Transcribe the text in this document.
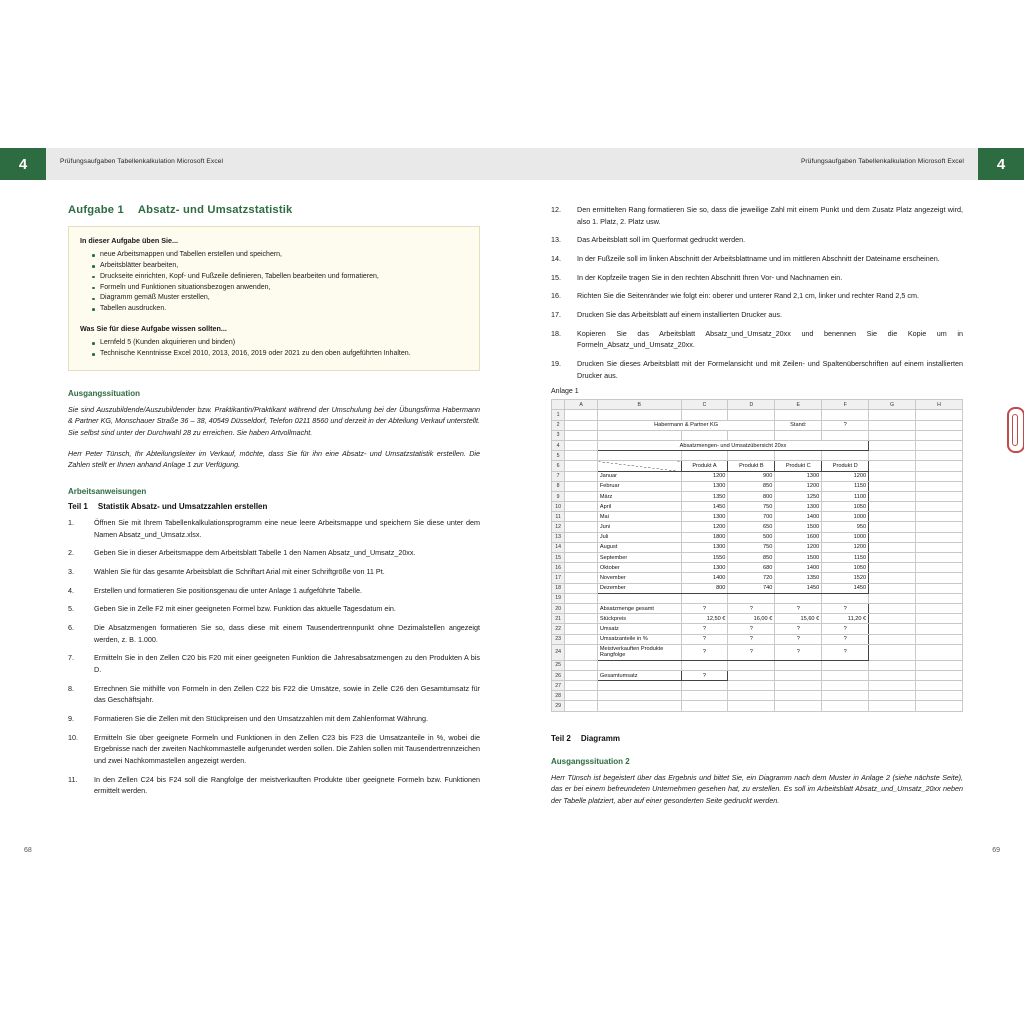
4	4
Prüfungsaufgaben Tabellenkalkulation Microsoft Excel	Prüfungsaufgaben Tabellenkalkulation Microsoft Excel
Aufgabe 1 Absatz- und Umsatzstatistik
In dieser Aufgabe üben Sie...
neue Arbeitsmappen und Tabellen erstellen und speichern,
Arbeitsblätter bearbeiten,
Druckseite einrichten, Kopf- und Fußzeile definieren, Tabellen bearbeiten und formatieren,
Formeln und Funktionen situationsbezogen anwenden,
Diagramm gemäß Muster erstellen,
Tabellen ausdrucken.
Was Sie für diese Aufgabe wissen sollten...
Lernfeld 5 (Kunden akquirieren und binden)
Technische Kenntnisse Excel 2010, 2013, 2016, 2019 oder 2021 zu den oben aufgeführten Inhalten.
Ausgangssituation

Sie sind Auszubildende/Auszubildender bzw. Praktikantin/Praktikant während der Umschulung bei der Übungsfirma Habermann & Partner KG, Monschauer Straße 36 – 38, 40549 Düsseldorf, Telefon 0211 8560 und derzeit in der Abteilung Verkauf unterstellt. Sie selbst sind unter der Durchwahl 28 zu erreichen. Sie haben Artvollmacht.

Herr Peter Tünsch, Ihr Abteilungsleiter im Verkauf, möchte, dass Sie für ihn eine Absatz- und Umsatzstatistik erstellen. Die Zahlen stellt er Ihnen anhand Anlage 1 zur Verfügung.

Arbeitsanweisungen
Teil 1 Statistik Absatz- und Umsatzzahlen erstellen
1.	Öffnen Sie mit Ihrem Tabellenkalkulationsprogramm eine neue leere Arbeitsmappe und speichern Sie diese unter dem Namen Absatz_und_Umsatz.xlsx.
2.	Geben Sie in dieser Arbeitsmappe dem Arbeitsblatt Tabelle 1 den Namen Absatz_und_Umsatz_20xx.
3.	Wählen Sie für das gesamte Arbeitsblatt die Schriftart Arial mit einer Schriftgröße von 11 Pt.
4.	Erstellen und formatieren Sie positionsgenau die unter Anlage 1 aufgeführte Tabelle.
5.	Geben Sie in Zelle F2 mit einer geeigneten Formel bzw. Funktion das aktuelle Tagesdatum ein.
6.	Die Absatzmengen formatieren Sie so, dass diese mit einem Tausendertrennpunkt ohne Dezimalstellen angezeigt werden, z. B. 1.000.
7.	Ermitteln Sie in den Zellen C20 bis F20 mit einer geeigneten Funktion die Jahresabsatzmengen zu den Produkten A bis D.
8.	Errechnen Sie mithilfe von Formeln in den Zellen C22 bis F22 die Umsätze, sowie in Zelle C26 den Gesamtumsatz für das Geschäftsjahr.
9.	Formatieren Sie die Zellen mit den Stückpreisen und den Umsatzzahlen mit dem Zahlenformat Währung.
10.	Ermitteln Sie über geeignete Formeln und Funktionen in den Zellen C23 bis F23 die Umsatzanteile in %, wobei die Ergebnisse nach der zweiten Nachkommastelle aufgerundet werden sollen. Die Zahlen sollen mit Tausendertrennzeichen und zwei Nachkommastellen angezeigt werden.
11.	In den Zellen C24 bis F24 soll die Rangfolge der meistverkauften Produkte über geeignete Formeln bzw. Funktionen ermittelt werden.
12.	Den ermittelten Rang formatieren Sie so, dass die jeweilige Zahl mit einem Punkt und dem Zusatz Platz angezeigt wird, also 1. Platz, 2. Platz usw.
13.	Das Arbeitsblatt soll im Querformat gedruckt werden.
14.	In der Fußzeile soll im linken Abschnitt der Arbeitsblattname und im mittleren Abschnitt der Dateiname erscheinen.
15.	In der Kopfzeile tragen Sie in den rechten Abschnitt Ihren Vor- und Nachnamen ein.
16.	Richten Sie die Seitenränder wie folgt ein: oberer und unterer Rand 2,1 cm, linker und rechter Rand 2,5 cm.
17.	Drucken Sie das Arbeitsblatt auf einem installierten Drucker aus.
18.	Kopieren Sie das Arbeitsblatt Absatz_und_Umsatz_20xx und benennen Sie die Kopie um in Formeln_Absatz_und_Umsatz_20xx.
19.	Drucken Sie dieses Arbeitsblatt mit der Formelansicht und mit Zeilen- und Spaltenüberschriften auf einem installierten Drucker aus.
Anlage 1
	A	B	C	D	E	F	G	H
1								
2		Habermann & Partner KG			Stand:	?		
3								
4		Absatzmengen- und Umsatzübersicht 20xx						
5								
6			Produkt A	Produkt B	Produkt C	Produkt D		
7		Januar	1200	900	1300	1200		
8		Februar	1300	850	1200	1150		
9		März	1350	800	1250	1100		
10		April	1450	750	1300	1050		
11		Mai	1300	700	1400	1000		
12		Juni	1200	650	1500	950		
13		Juli	1800	500	1600	1000		
14		August	1300	750	1200	1200		
15		September	1550	850	1500	1150		
16		Oktober	1300	680	1400	1050		
17		November	1400	720	1350	1520		
18		Dezember	800	740	1450	1450		
19								
20		Absatzmenge gesamt	?	?	?	?		
21		Stückpreis	12,50 €	16,00 €	15,60 €	11,20 €		
22		Umsatz	?	?	?	?		
23		Umsatzanteile in %	?	?	?	?		
24		Meistverkauften Produkte Rangfolge	?	?	?	?		
25								
26		Gesamtumsatz	?					
27								
28								
29								
Teil 2 Diagramm
Ausgangssituation 2

Herr Tünsch ist begeistert über das Ergebnis und bittet Sie, ein Diagramm nach dem Muster in Anlage 2 (siehe nächste Seite), das er bei einem befreundeten Unternehmen gesehen hat, zu erstellen. Es soll im Arbeitsblatt Absatz_und_Umsatz_20xx neben der Tabelle platziert, aber auf einer gesonderten Seite gedruckt werden.

68	69
